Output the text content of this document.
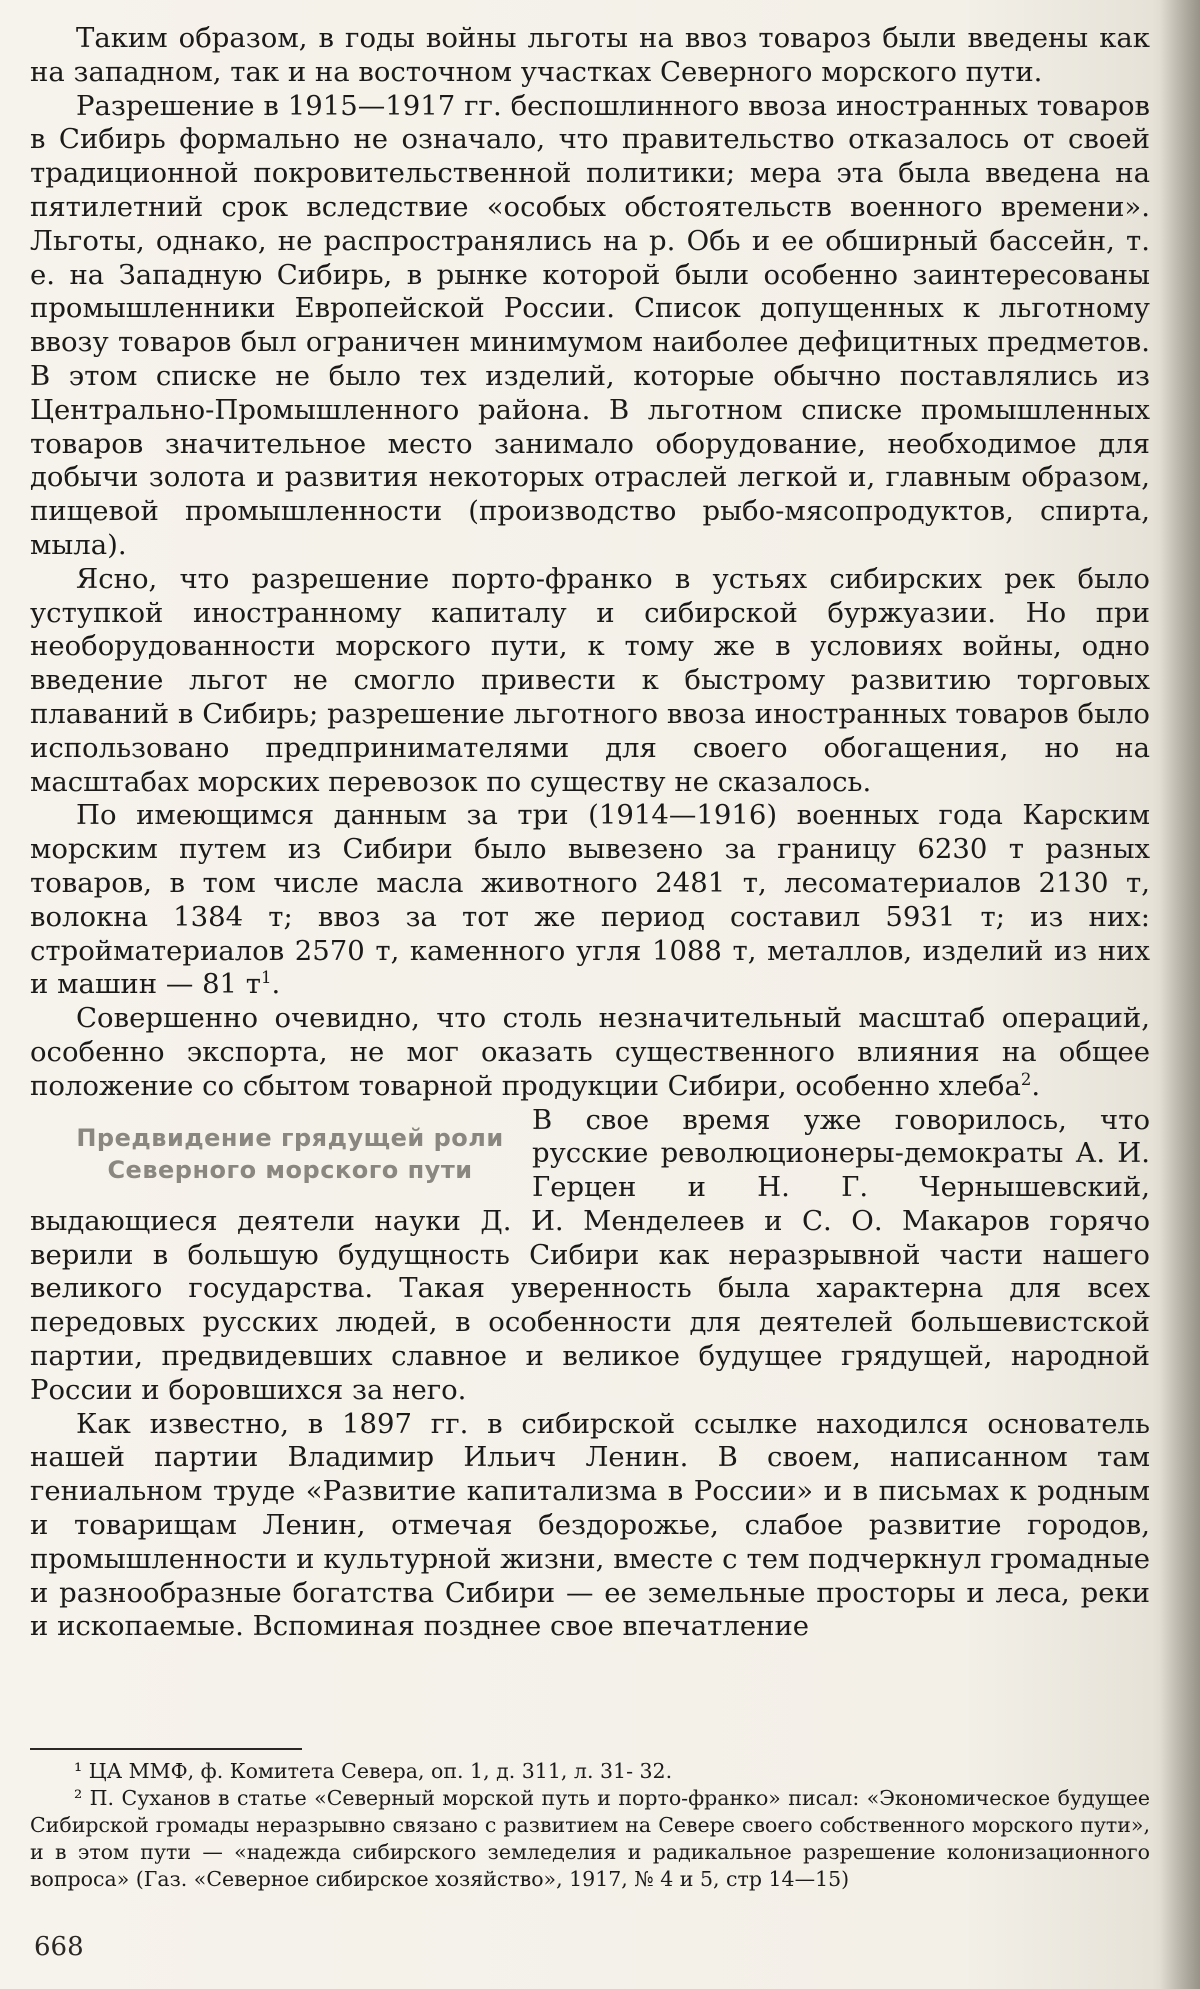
Таким образом, в годы войны льготы на ввоз товароз были введены как на западном, так и на восточном участках Северного морского пути.

Разрешение в 1915—1917 гг. беспошлинного ввоза иностранных товаров в Сибирь формально не означало, что правительство отказалось от своей традиционной покровительственной политики; мера эта была введена на пятилетний срок вследствие «особых обстоятельств военного времени». Льготы, однако, не распространялись на р. Обь и ее обширный бассейн, т. е. на Западную Сибирь, в рынке которой были особенно заинтересованы промышленники Европейской России. Список допущенных к льготному ввозу товаров был ограничен минимумом наиболее дефицитных предметов. В этом списке не было тех изделий, которые обычно поставлялись из Центрально-Промышленного района. В льготном списке промышленных товаров значительное место занимало оборудование, необходимое для добычи золота и развития некоторых отраслей легкой и, главным образом, пищевой промышленности (производство рыбо-мясопродуктов, спирта, мыла).

Ясно, что разрешение порто-франко в устьях сибирских рек было уступкой иностранному капиталу и сибирской буржуазии. Но при необорудованности морского пути, к тому же в условиях войны, одно введение льгот не смогло привести к быстрому развитию торговых плаваний в Сибирь; разрешение льготного ввоза иностранных товаров было использовано предпринимателями для своего обогащения, но на масштабах морских перевозок по существу не сказалось.

По имеющимся данным за три (1914—1916) военных года Карским морским путем из Сибири было вывезено за границу 6230 т разных товаров, в том числе масла животного 2481 т, лесоматериалов 2130 т, волокна 1384 т; ввоз за тот же период составил 5931 т; из них: стройматериалов 2570 т, каменного угля 1088 т, металлов, изделий из них и машин — 81 $т^1$.

Совершенно очевидно, что столь незначительный масштаб операций, особенно экспорта, не мог оказать существенного влияния на общее положение со сбытом товарной продукции Сибири, особенно хлеба$^2$.

Предвидение грядущей роли Северного морского пути

В свое время уже говорилось, что русские революционеры-демократы А. И. Герцен и Н. Г. Чернышевский, выдающиеся деятели науки Д. И. Менделеев и С. О. Макаров горячо верили в большую будущность Сибири как неразрывной части нашего великого государства. Такая уверенность была характерна для всех передовых русских людей, в особенности для деятелей большевистской партии, предвидевших славное и великое будущее грядущей, народной России и боровшихся за него.

Как известно, в 1897 гг. в сибирской ссылке находился основатель нашей партии Владимир Ильич Ленин. В своем, написанном там гениальном труде «Развитие капитализма в России» и в письмах к родным и товарищам Ленин, отмечая бездорожье, слабое развитие городов, промышленности и культурной жизни, вместе с тем подчеркнул громадные и разнообразные богатства Сибири — ее земельные просторы и леса, реки и ископаемые. Вспоминая позднее свое впечатление

¹ ЦА ММФ, ф. Комитета Севера, оп. 1, д. 311, л. 31- 32.

² П. Суханов в статье «Северный морской путь и порто-франко» писал: «Экономическое будущее Сибирской громады неразрывно связано с развитием на Севере своего собственного морского пути», и в этом пути — «надежда сибирского земледелия и радикальное разрешение колонизационного вопроса» (Газ. «Северное сибирское хозяйство», 1917, № 4 и 5, стр 14—15)

668
